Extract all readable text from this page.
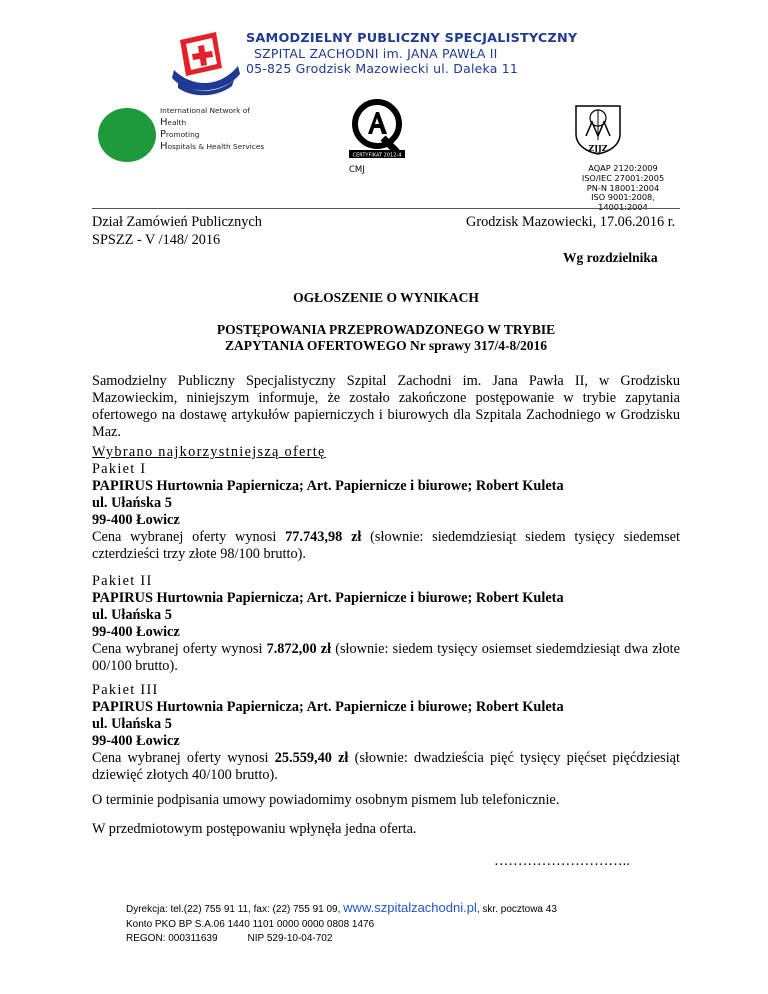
SAMODZIELNY PUBLICZNY SPECJALISTYCZNY
SZPITAL ZACHODNI im. JANA PAWŁA II
05-825 Grodzisk Mazowiecki ul. Daleka 11
International Network of
Health
Promoting
Hospitals & Health Services
CERTYFIKAT 2012-4
CMJ
ZJJZ
AQAP 2120:2009
ISO/IEC 27001:2005
PN-N 18001:2004
ISO 9001:2008,
Dział Zamówień Publicznych
SPSZZ - V /148/ 2016
Grodzisk Mazowiecki, 17.06.2016 r.
Wg rozdzielnika
OGŁOSZENIE O WYNIKACH
POSTĘPOWANIA PRZEPROWADZONEGO W TRYBIE
ZAPYTANIA OFERTOWEGO Nr sprawy 317/4-8/2016
Samodzielny Publiczny Specjalistyczny Szpital Zachodni im. Jana Pawła II, w Grodzisku Mazowieckim, niniejszym informuje, że zostało zakończone postępowanie w trybie zapytania ofertowego na dostawę artykułów papierniczych i biurowych dla Szpitala Zachodniego w Grodzisku Maz.
Wybrano najkorzystniejszą ofertę
Pakiet I
PAPIRUS Hurtownia Papiernicza; Art. Papiernicze i biurowe; Robert Kuleta
ul. Ułańska 5
99-400 Łowicz
Cena wybranej oferty wynosi 77.743,98 zł (słownie: siedemdziesiąt siedem tysięcy siedemset czterdzieści trzy złote 98/100 brutto).
Pakiet II
PAPIRUS Hurtownia Papiernicza; Art. Papiernicze i biurowe; Robert Kuleta
ul. Ułańska 5
99-400 Łowicz
Cena wybranej oferty wynosi 7.872,00 zł (słownie: siedem tysięcy osiemset siedemdziesiąt dwa złote 00/100 brutto).
Pakiet III
PAPIRUS Hurtownia Papiernicza; Art. Papiernicze i biurowe; Robert Kuleta
ul. Ułańska 5
99-400 Łowicz
Cena wybranej oferty wynosi 25.559,40 zł (słownie: dwadzieścia pięć tysięcy pięćset pięćdziesiąt dziewięć złotych 40/100 brutto).
O terminie podpisania umowy powiadomimy osobnym pismem lub telefonicznie.
W przedmiotowym postępowaniu wpłynęła jedna oferta.
………………………..
Dyrekcja: tel.(22) 755 91 11, fax: (22) 755 91 09, www.szpitalzachodni.pl, skr. pocztowa 43
Konto PKO BP S.A.06 1440 1101 0000 0000 0808 1476
REGON: 000311639	NIP 529-10-04-702
